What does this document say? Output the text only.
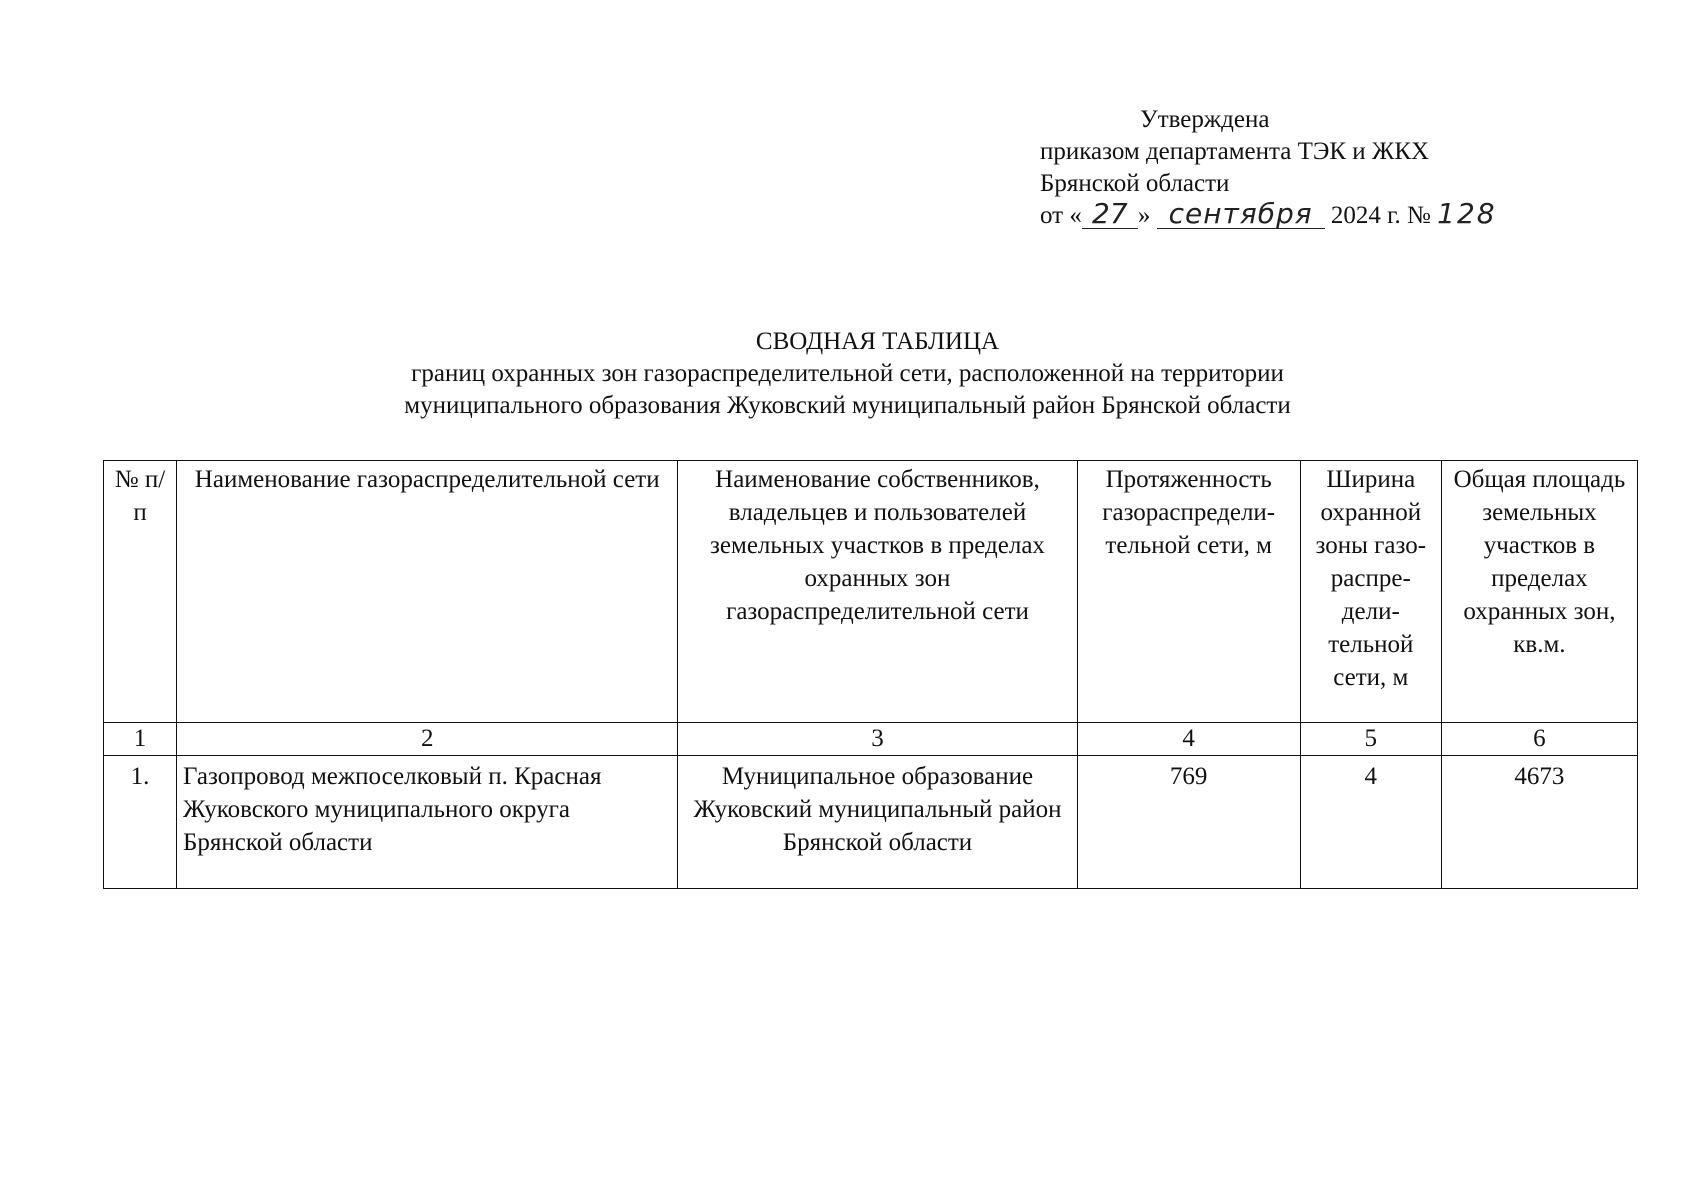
Утверждена
приказом департамента ТЭК и ЖКХ
Брянской области
от « 27 » сентября 2024 г. № 128
СВОДНАЯ ТАБЛИЦА
границ охранных зон газораспределительной сети, расположенной на территории
муниципального образования Жуковский муниципальный район Брянской области
№ п/п	Наименование газораспределительной сети	Наименование собственников, владельцев и пользователей земельных участков в пределах охранных зон газораспределительной сети	Протяженность газораспредели-тельной сети, м	Ширина охранной зоны газо-распре-дели-тельной сети, м	Общая площадь земельных участков в пределах охранных зон, кв.м.
1	2	3	4	5	6
1.	Газопровод межпоселковый п. Красная Жуковского муниципального округа Брянской области	Муниципальное образование Жуковский муниципальный район Брянской области	769	4	4673
